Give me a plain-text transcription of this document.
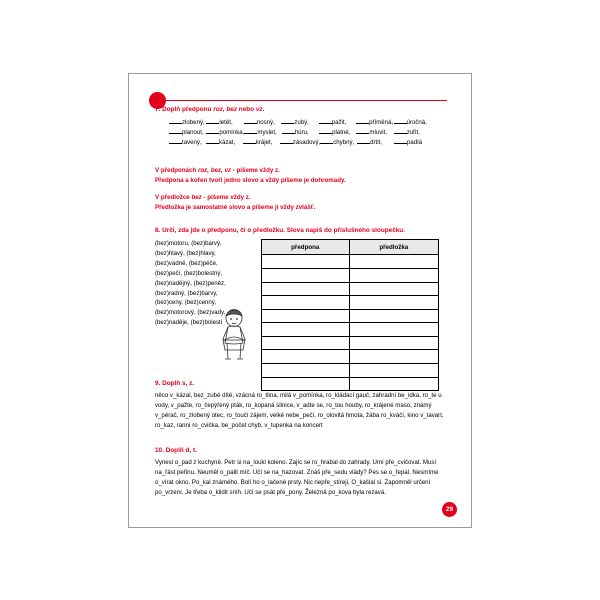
7. Doplň předponu roz, bez nebo vz.
zlobený,	letět,	nosný,	zubý,	pažit,	příměná,	úročná,
planout,	pomínka,	myslet,	húru,	platné,	mluvit,	zuřit,
tavený,	kázat,	krájet,	zásadový,	chybný,	drtit,	padlá
V předponách roz, bez, vz - píšeme vždy z.
Předpona a kořen tvoří jedno slovo a vždy píšeme je dohromady.
V předložce bez - píšeme vždy z.
Předložka je samostatné slovo a píšeme ji vždy zvlášť.
8. Urči, zda jde o předponu, či o předložku. Slova napiš do příslušného sloupečku.
(bez)motoru, (bez)barvý,
(bez)hlavý, (bez)hlavy,
(bez)vadně, (bez)péče,
(bez)pečí, (bez)bolestný,
(bez)nadějný, (bez)peněz,
(bez)radný, (bez)barvy,
(bez)ceny, (bez)cenný,
(bez)motorový, (bez)vady,
(bez)naděje, (bez)bolesti
předpona	předložka

9. Doplň s, z.
něco v_kázal, bez_zubé dítě, vzácná ro_tlina, milá v_pomínka, ro_kládací gauč, zahradní be_idka, ro_te u vody, v_pažte, ro_čepýřený pták, ro_kopaná silnice, v_adte se, ro_tou houby, ro_krájené maso, známý v_pěrač, ro_zlobený otec, ro_toučí zájem, velké nebe_pečí, ro_olovitá hmota, žába ro_kváčí, kino v_tavart, ro_kaz, ranní ro_cvička, be_počet chyb, v_tupenka na koncert
10. Doplň d, t.
Vynesl o_pad z kuchyně. Petr si na_loukl koleno. Zajíc se ro_hrabal do zahrady. Umí pře_cvičovat. Musí na_řást peřinu. Neuměl o_palit míč. Učí se na_hazovat. Znáš pře_sedu vlády? Pes se o_řepal. Nesmíme o_vírat okno. Po_kal známého. Bolí ho o_lačené prsty. Nic nepře_stíreji, O_kašlal si. Zapomněl určení po_vrzení. Je třeba o_klidit sníh. Učí se psát pře_pony. Železná po_kova byla rezavá.
29
